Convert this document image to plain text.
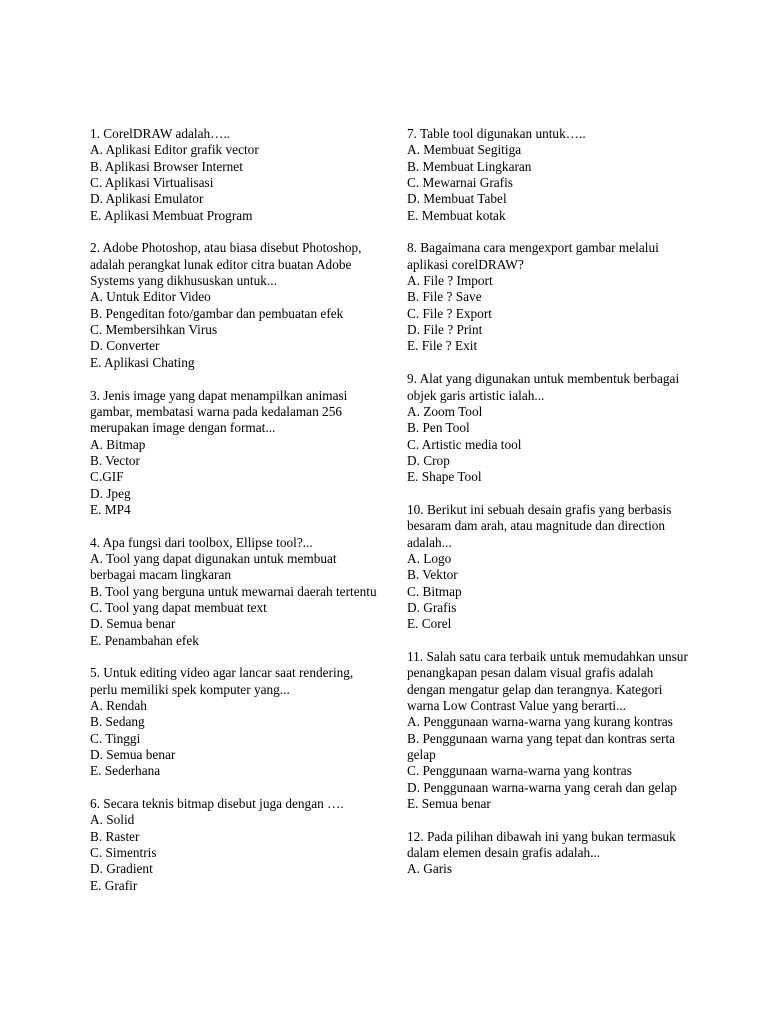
1. CorelDRAW adalah…..
A. Aplikasi Editor grafik vector
B. Aplikasi Browser Internet
C. Aplikasi Virtualisasi
D. Aplikasi Emulator
E. Aplikasi Membuat Program
2. Adobe Photoshop, atau biasa disebut Photoshop, adalah perangkat lunak editor citra buatan Adobe Systems yang dikhususkan untuk...
A. Untuk Editor Video
B. Pengeditan foto/gambar dan pembuatan efek
C. Membersihkan Virus
D. Converter
E. Aplikasi Chating
3. Jenis image yang dapat menampilkan animasi gambar, membatasi warna pada kedalaman 256 merupakan image dengan format...
A. Bitmap
B. Vector
C.GIF
D. Jpeg
E. MP4
4. Apa fungsi dari toolbox, Ellipse tool?...
A. Tool yang dapat digunakan untuk membuat berbagai macam lingkaran
B. Tool yang berguna untuk mewarnai daerah tertentu
C. Tool yang dapat membuat text
D. Semua benar
E. Penambahan efek
5. Untuk editing video agar lancar saat rendering, perlu memiliki spek komputer yang...
A. Rendah
B. Sedang
C. Tinggi
D. Semua benar
E. Sederhana
6. Secara teknis bitmap disebut juga dengan ….
A. Solid
B. Raster
C. Simentris
D. Gradient
E. Grafir
7. Table tool digunakan untuk…..
A. Membuat Segitiga
B. Membuat Lingkaran
C. Mewarnai Grafis
D. Membuat Tabel
E. Membuat kotak
8. Bagaimana cara mengexport gambar melalui aplikasi corelDRAW?
A. File ? Import
B. File ? Save
C. File ? Export
D. File ? Print
E. File ? Exit
9. Alat yang digunakan untuk membentuk berbagai objek garis artistic ialah...
A. Zoom Tool
B. Pen Tool
C. Artistic media tool
D. Crop
E. Shape Tool
10. Berikut ini sebuah desain grafis yang berbasis besaram dam arah, atau magnitude dan direction adalah...
A. Logo
B. Vektor
C. Bitmap
D. Grafis
E. Corel
11. Salah satu cara terbaik untuk memudahkan unsur penangkapan pesan dalam visual grafis adalah dengan mengatur gelap dan terangnya. Kategori warna Low Contrast Value yang berarti...
A. Penggunaan warna-warna yang kurang kontras
B. Penggunaan warna yang tepat dan kontras serta gelap
C. Penggunaan warna-warna yang kontras
D. Penggunaan warna-warna yang cerah dan gelap
E. Semua benar
12. Pada pilihan dibawah ini yang bukan termasuk dalam elemen desain grafis adalah...
A. Garis
